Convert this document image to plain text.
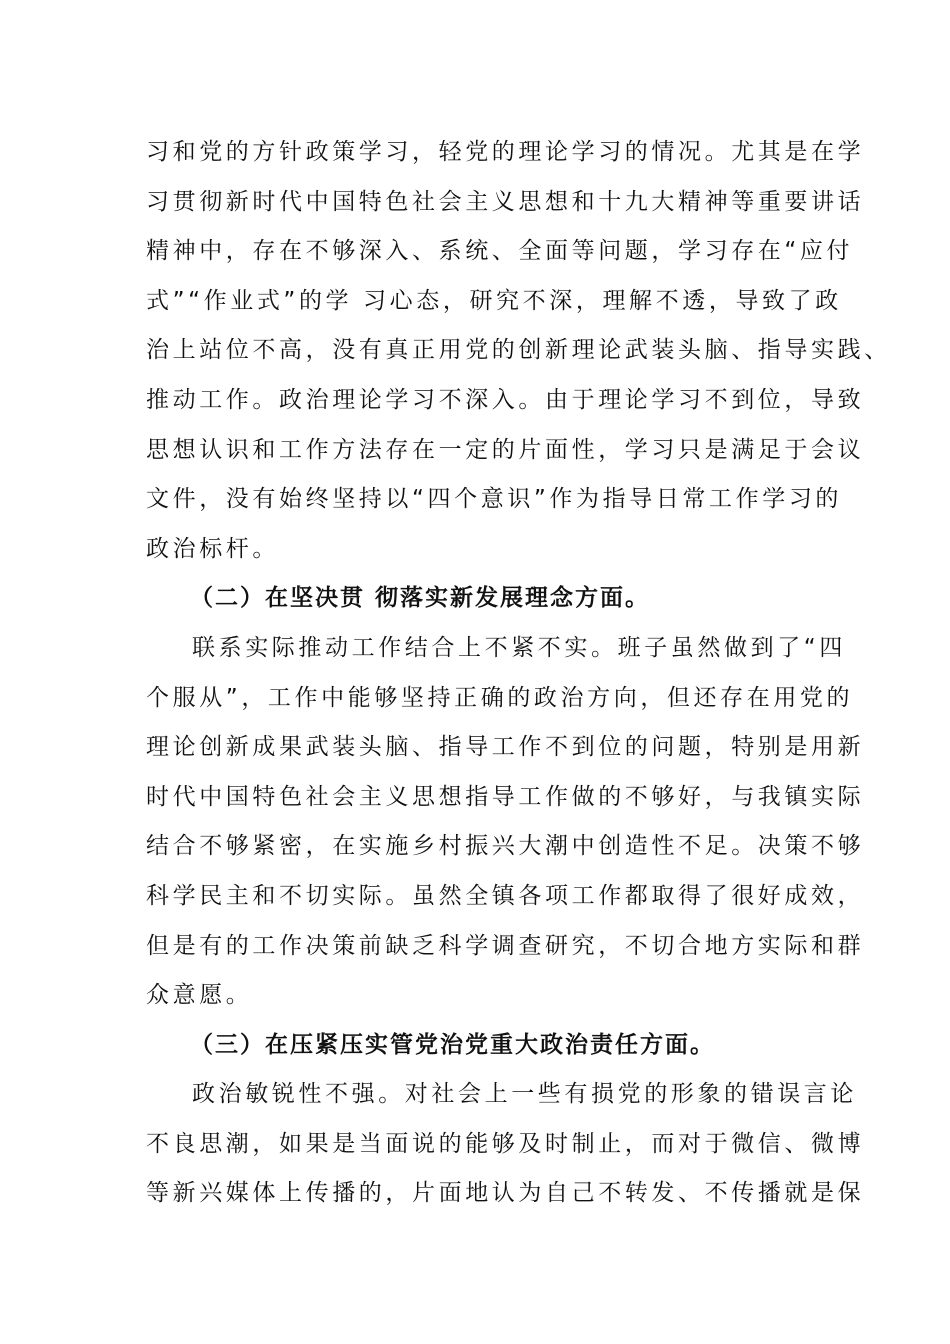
习和党的方针政策学习，轻党的理论学习的情况。尤其是在学
习贯彻新时代中国特色社会主义思想和十九大精神等重要讲话
精神中，存在不够深入、系统、全面等问题，学习存在“应付
式”“作业式”的学 习心态，研究不深，理解不透，导致了政
治上站位不高，没有真正用党的创新理论武装头脑、指导实践、
推动工作。政治理论学习不深入。由于理论学习不到位，导致
思想认识和工作方法存在一定的片面性，学习只是满足于会议
文件，没有始终坚持以“四个意识”作为指导日常工作学习的
政治标杆。
（二）在坚决贯 彻落实新发展理念方面。
联系实际推动工作结合上不紧不实。班子虽然做到了“四
个服从”，工作中能够坚持正确的政治方向，但还存在用党的
理论创新成果武装头脑、指导工作不到位的问题，特别是用新
时代中国特色社会主义思想指导工作做的不够好，与我镇实际
结合不够紧密，在实施乡村振兴大潮中创造性不足。决策不够
科学民主和不切实际。虽然全镇各项工作都取得了很好成效，
但是有的工作决策前缺乏科学调查研究，不切合地方实际和群
众意愿。
（三）在压紧压实管党治党重大政治责任方面。
政治敏锐性不强。对社会上一些有损党的形象的错误言论
不良思潮，如果是当面说的能够及时制止，而对于微信、微博
等新兴媒体上传播的，片面地认为自己不转发、不传播就是保
